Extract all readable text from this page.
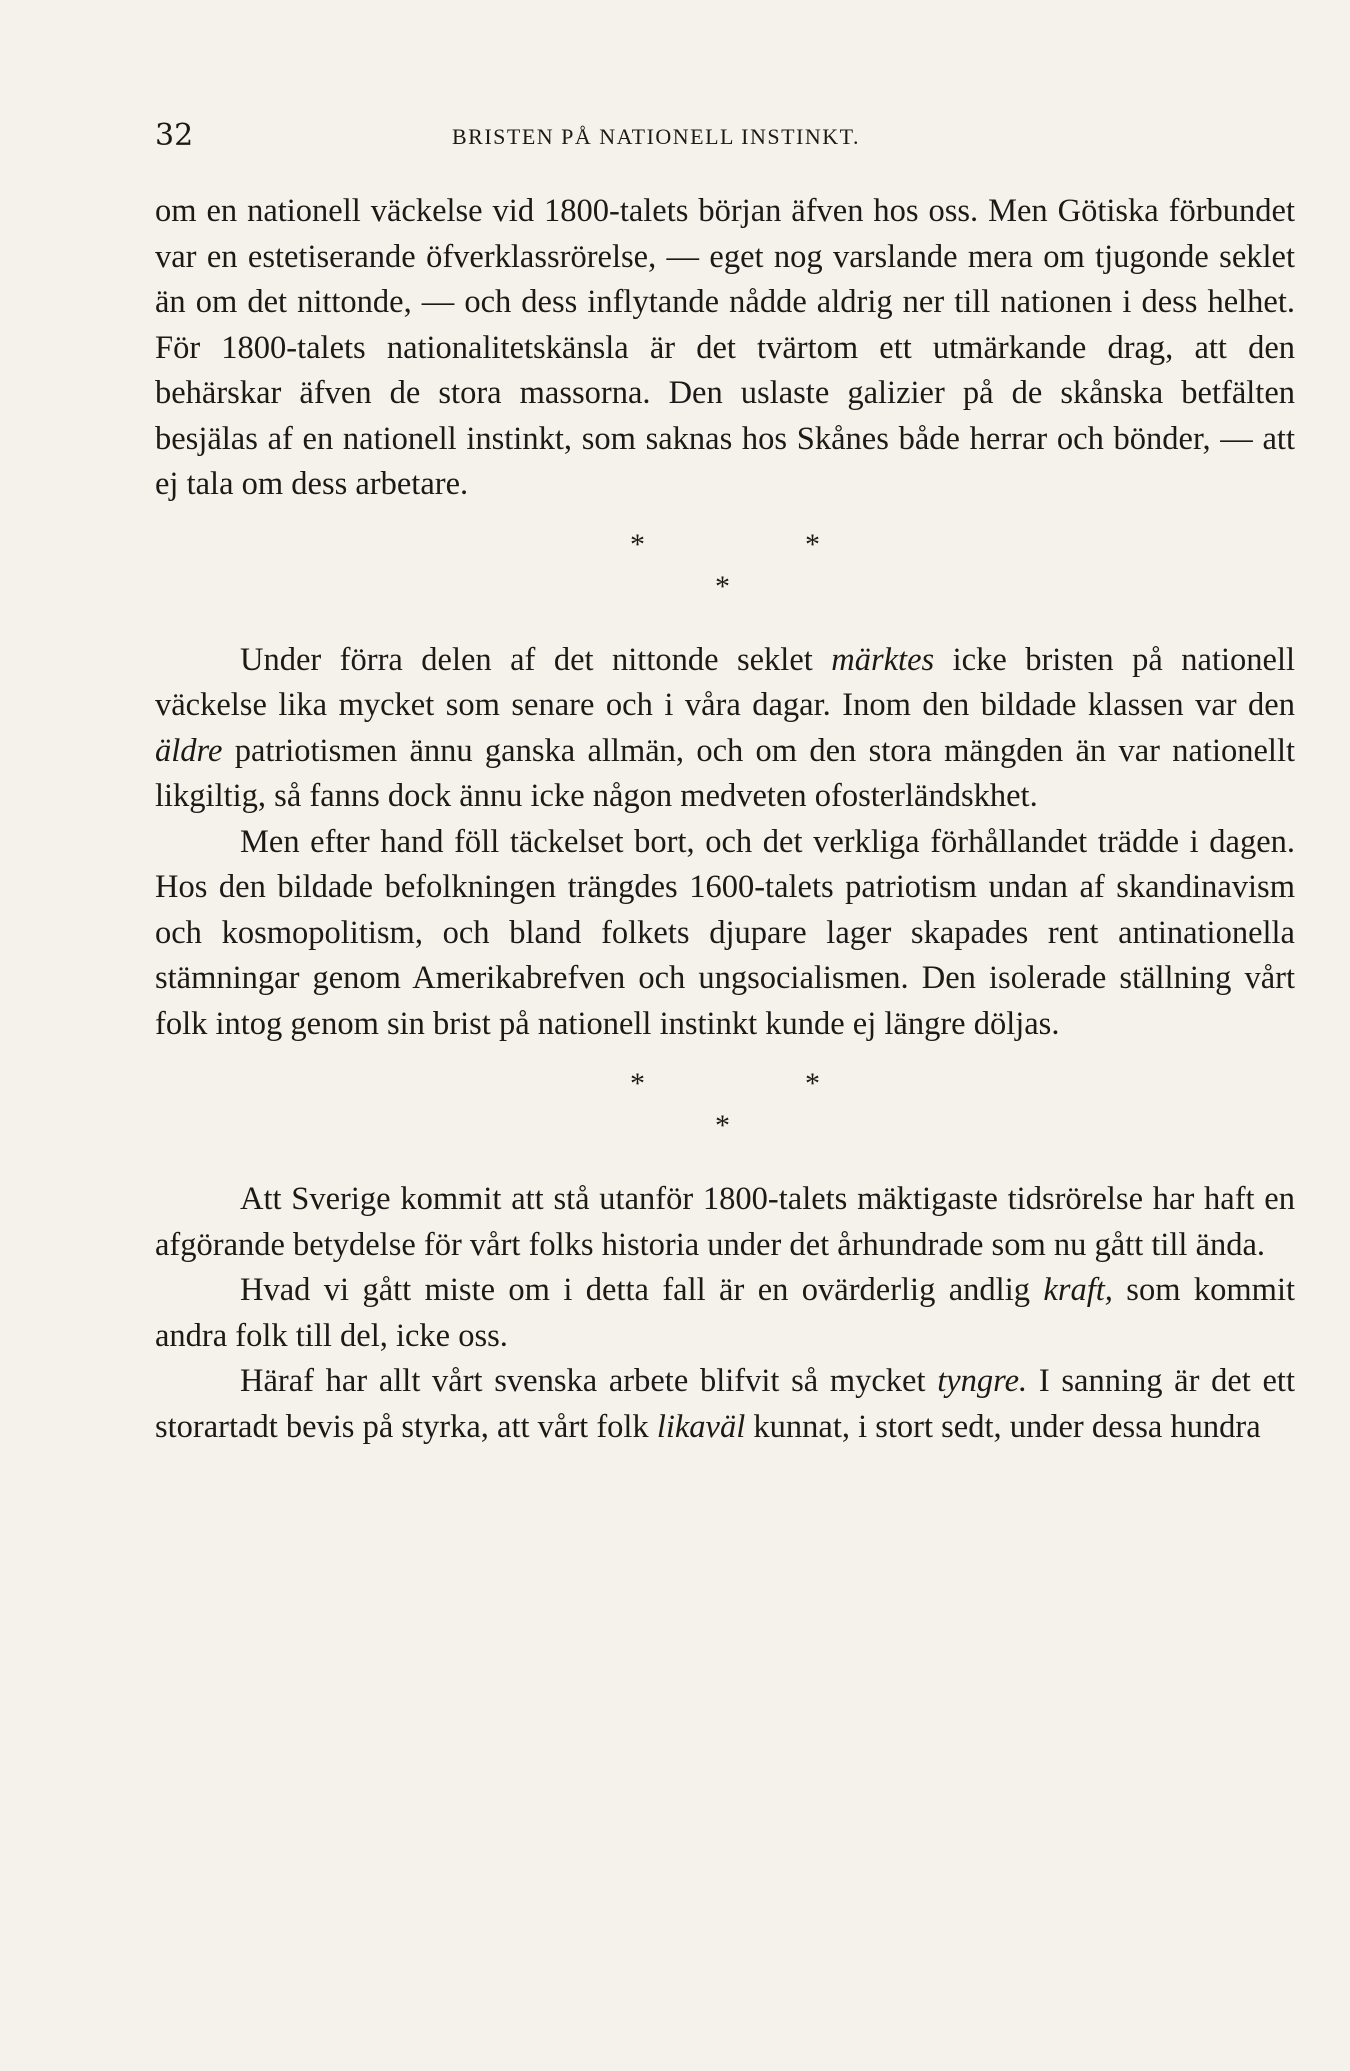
32	BRISTEN PÅ NATIONELL INSTINKT.

om en nationell väckelse vid 1800-talets början äfven hos oss. Men Götiska förbundet var en estetiserande öfverklassrörelse, — eget nog varslande mera om tjugonde seklet än om det nittonde, — och dess inflytande nådde aldrig ner till nationen i dess helhet. För 1800-talets nationalitetskänsla är det tvärtom ett utmärkande drag, att den behärskar äfven de stora massorna. Den uslaste galizier på de skånska betfälten besjälas af en nationell instinkt, som saknas hos Skånes både herrar och bönder, — att ej tala om dess arbetare.

*	*
*

Under förra delen af det nittonde seklet märktes icke bristen på nationell väckelse lika mycket som senare och i våra dagar. Inom den bildade klassen var den äldre patriotismen ännu ganska allmän, och om den stora mängden än var nationellt likgiltig, så fanns dock ännu icke någon medveten ofosterländskhet.

Men efter hand föll täckelset bort, och det verkliga förhållandet trädde i dagen. Hos den bildade befolkningen trängdes 1600-talets patriotism undan af skandinavism och kosmopolitism, och bland folkets djupare lager skapades rent antinationella stämningar genom Amerikabrefven och ungsocialismen. Den isolerade ställning vårt folk intog genom sin brist på nationell instinkt kunde ej längre döljas.

*	*
*

Att Sverige kommit att stå utanför 1800-talets mäktigaste tidsrörelse har haft en afgörande betydelse för vårt folks historia under det århundrade som nu gått till ända.

Hvad vi gått miste om i detta fall är en ovärderlig andlig kraft, som kommit andra folk till del, icke oss.

Häraf har allt vårt svenska arbete blifvit så mycket tyngre. I sanning är det ett storartadt bevis på styrka, att vårt folk likaväl kunnat, i stort sedt, under dessa hundra
